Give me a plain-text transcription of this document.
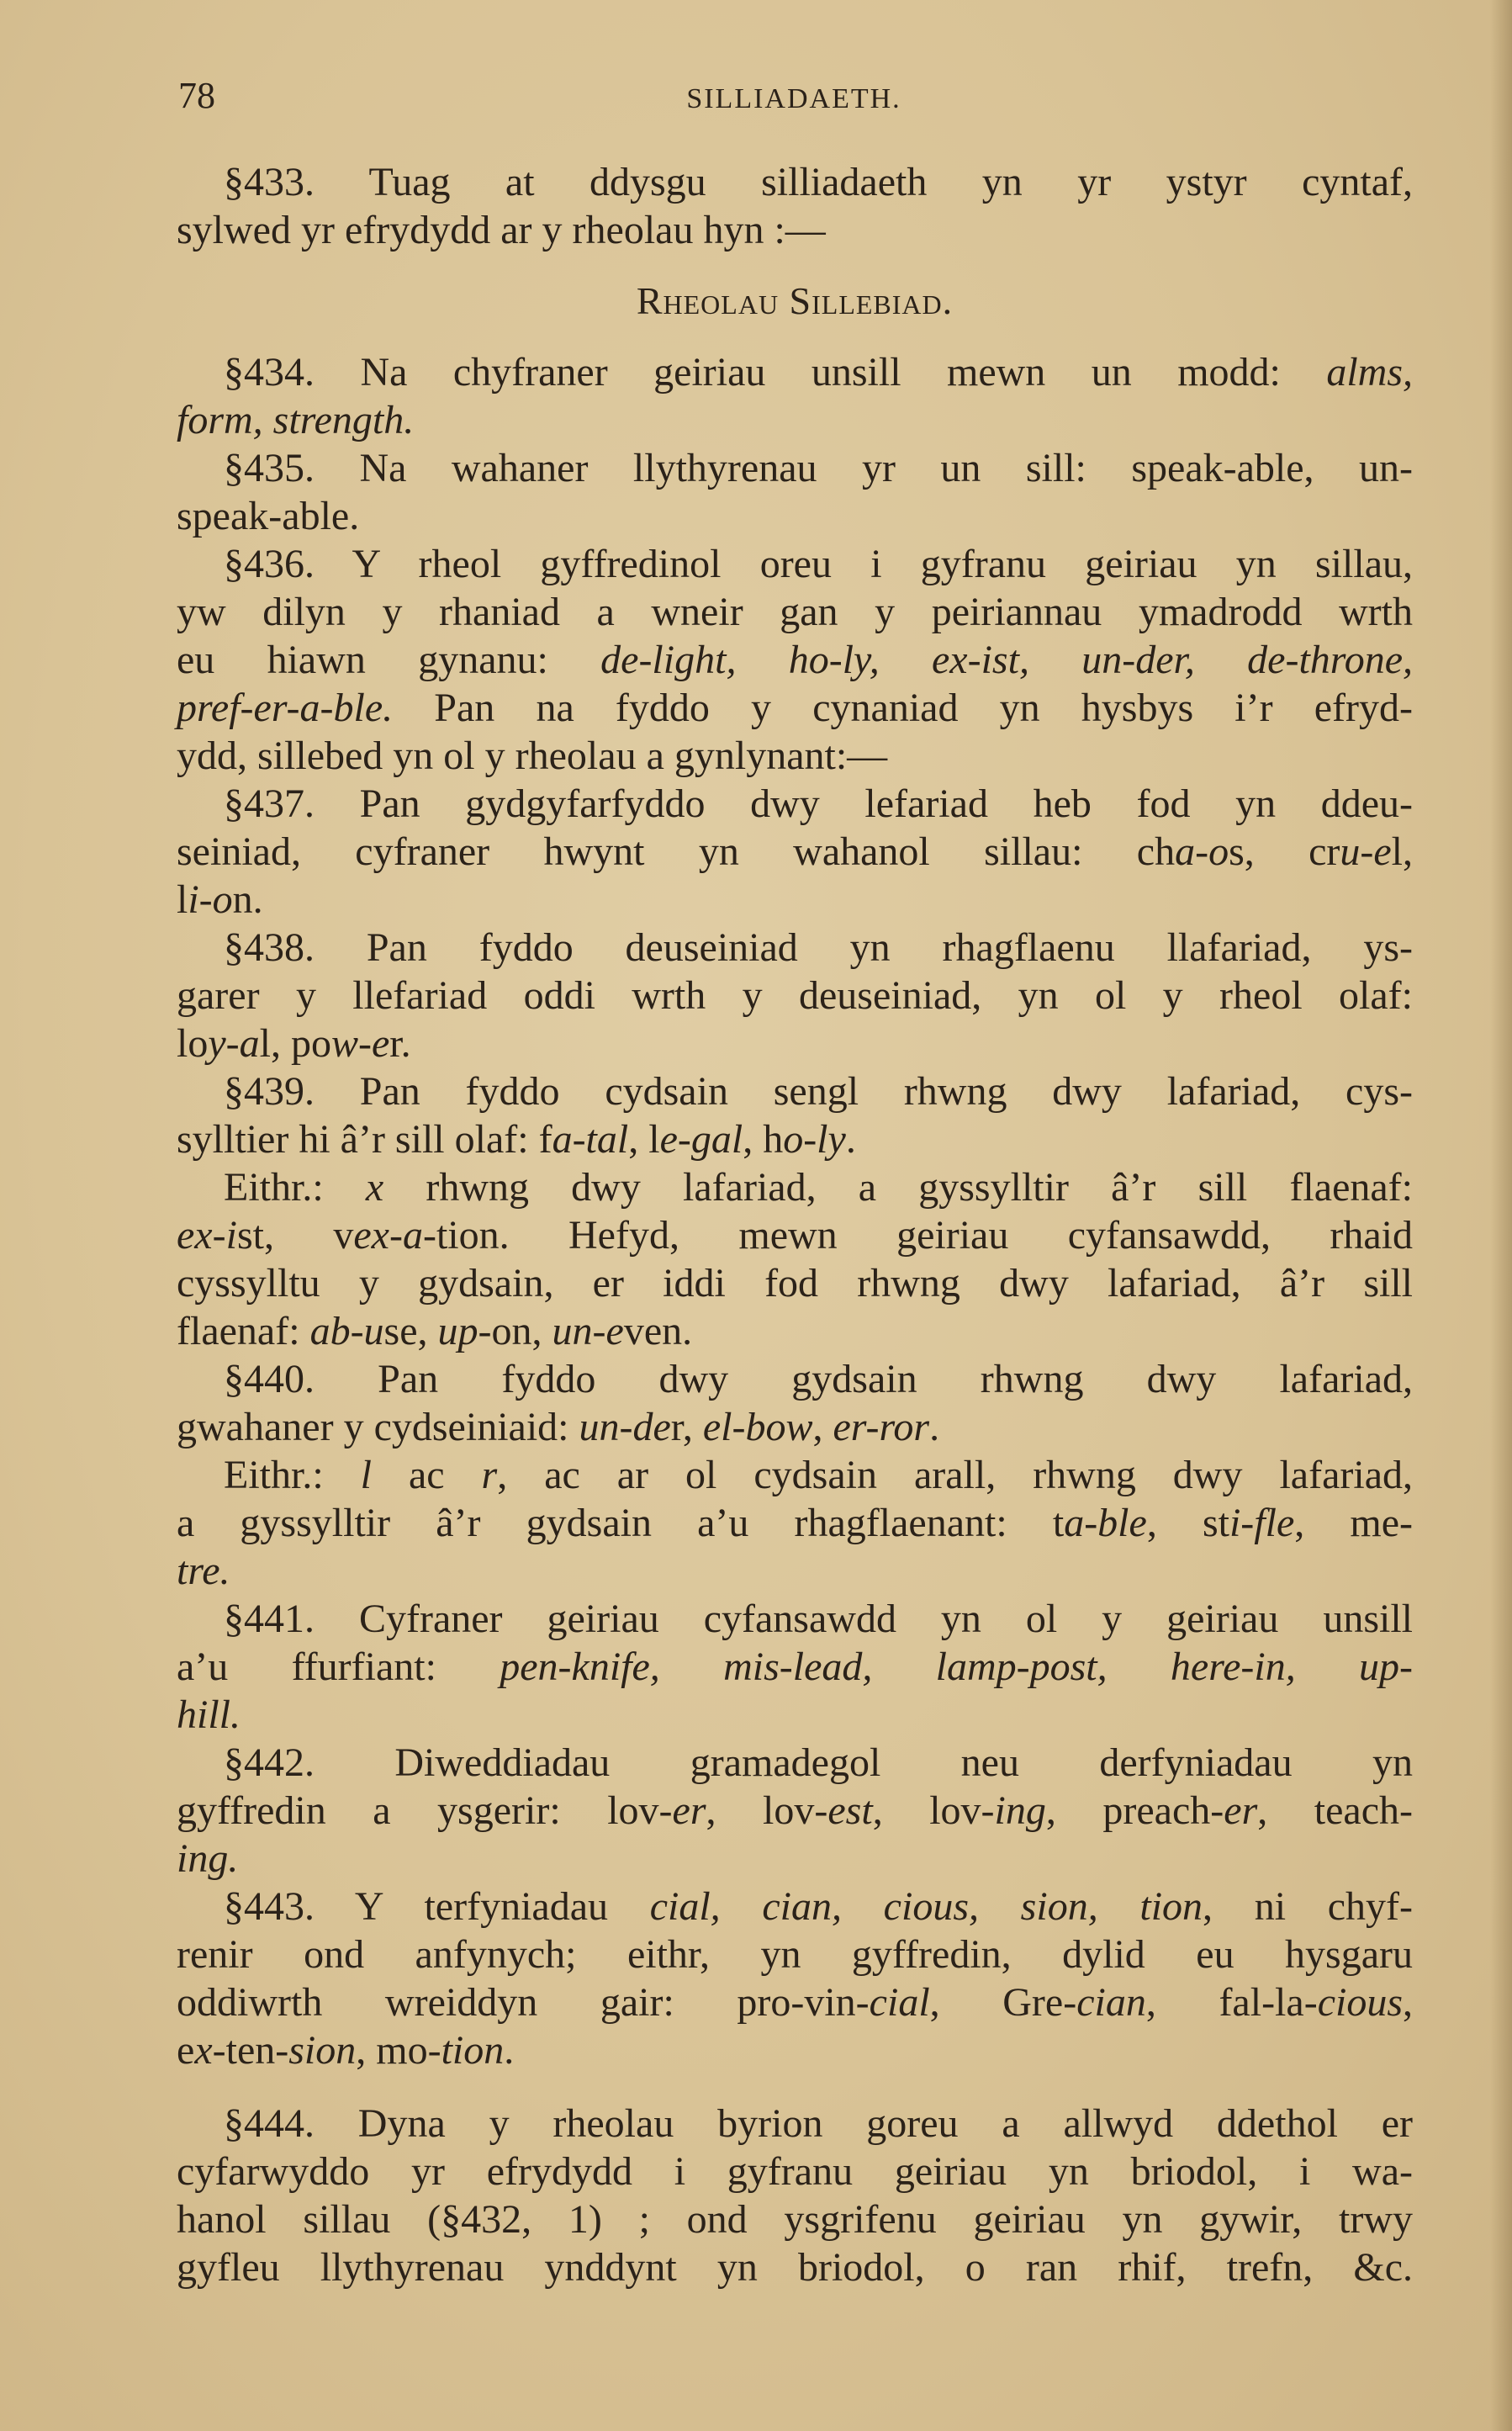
78	SILLIADAETH.
§433. Tuag at ddysgu silliadaeth yn yr ystyr cyntaf,
sylwed yr efrydydd ar y rheolau hyn :—
Rheolau Sillebiad.
§434. Na chyfraner geiriau unsill mewn un modd: alms,
form, strength.
§435. Na wahaner llythyrenau yr un sill: speak-able, un-
speak-able.
§436. Y rheol gyffredinol oreu i gyfranu geiriau yn sillau,
yw dilyn y rhaniad a wneir gan y peiriannau ymadrodd wrth
eu hiawn gynanu: de-light, ho-ly, ex-ist, un-der, de-throne,
pref-er-a-ble. Pan na fyddo y cynaniad yn hysbys i’r efryd-
ydd, sillebed yn ol y rheolau a gynlynant:—
§437. Pan gydgyfarfyddo dwy lefariad heb fod yn ddeu-
seiniad, cyfraner hwynt yn wahanol sillau: cha-os, cru-el,
li-on.
§438. Pan fyddo deuseiniad yn rhagflaenu llafariad, ys-
garer y llefariad oddi wrth y deuseiniad, yn ol y rheol olaf:
loy-al, pow-er.
§439. Pan fyddo cydsain sengl rhwng dwy lafariad, cys-
sylltier hi â’r sill olaf: fa-tal, le-gal, ho-ly.
Eithr.: x rhwng dwy lafariad, a gyssylltir â’r sill flaenaf:
ex-ist, vex-a-tion. Hefyd, mewn geiriau cyfansawdd, rhaid
cyssylltu y gydsain, er iddi fod rhwng dwy lafariad, â’r sill
flaenaf: ab-use, up-on, un-even.
§440. Pan fyddo dwy gydsain rhwng dwy lafariad,
gwahaner y cydseiniaid: un-der, el-bow, er-ror.
Eithr.: l ac r, ac ar ol cydsain arall, rhwng dwy lafariad,
a gyssylltir â’r gydsain a’u rhagflaenant: ta-ble, sti-fle, me-
tre.
§441. Cyfraner geiriau cyfansawdd yn ol y geiriau unsill
a’u ffurfiant: pen-knife, mis-lead, lamp-post, here-in, up-
hill.
§442. Diweddiadau gramadegol neu derfyniadau yn
gyffredin a ysgerir: lov-er, lov-est, lov-ing, preach-er, teach-
ing.
§443. Y terfyniadau cial, cian, cious, sion, tion, ni chyf-
renir ond anfynych; eithr, yn gyffredin, dylid eu hysgaru
oddiwrth wreiddyn gair: pro-vin-cial, Gre-cian, fal-la-cious,
ex-ten-sion, mo-tion.
§444. Dyna y rheolau byrion goreu a allwyd ddethol er
cyfarwyddo yr efrydydd i gyfranu geiriau yn briodol, i wa-
hanol sillau (§432, 1) ; ond ysgrifenu geiriau yn gywir, trwy
gyfleu llythyrenau ynddynt yn briodol, o ran rhif, trefn, &c.
